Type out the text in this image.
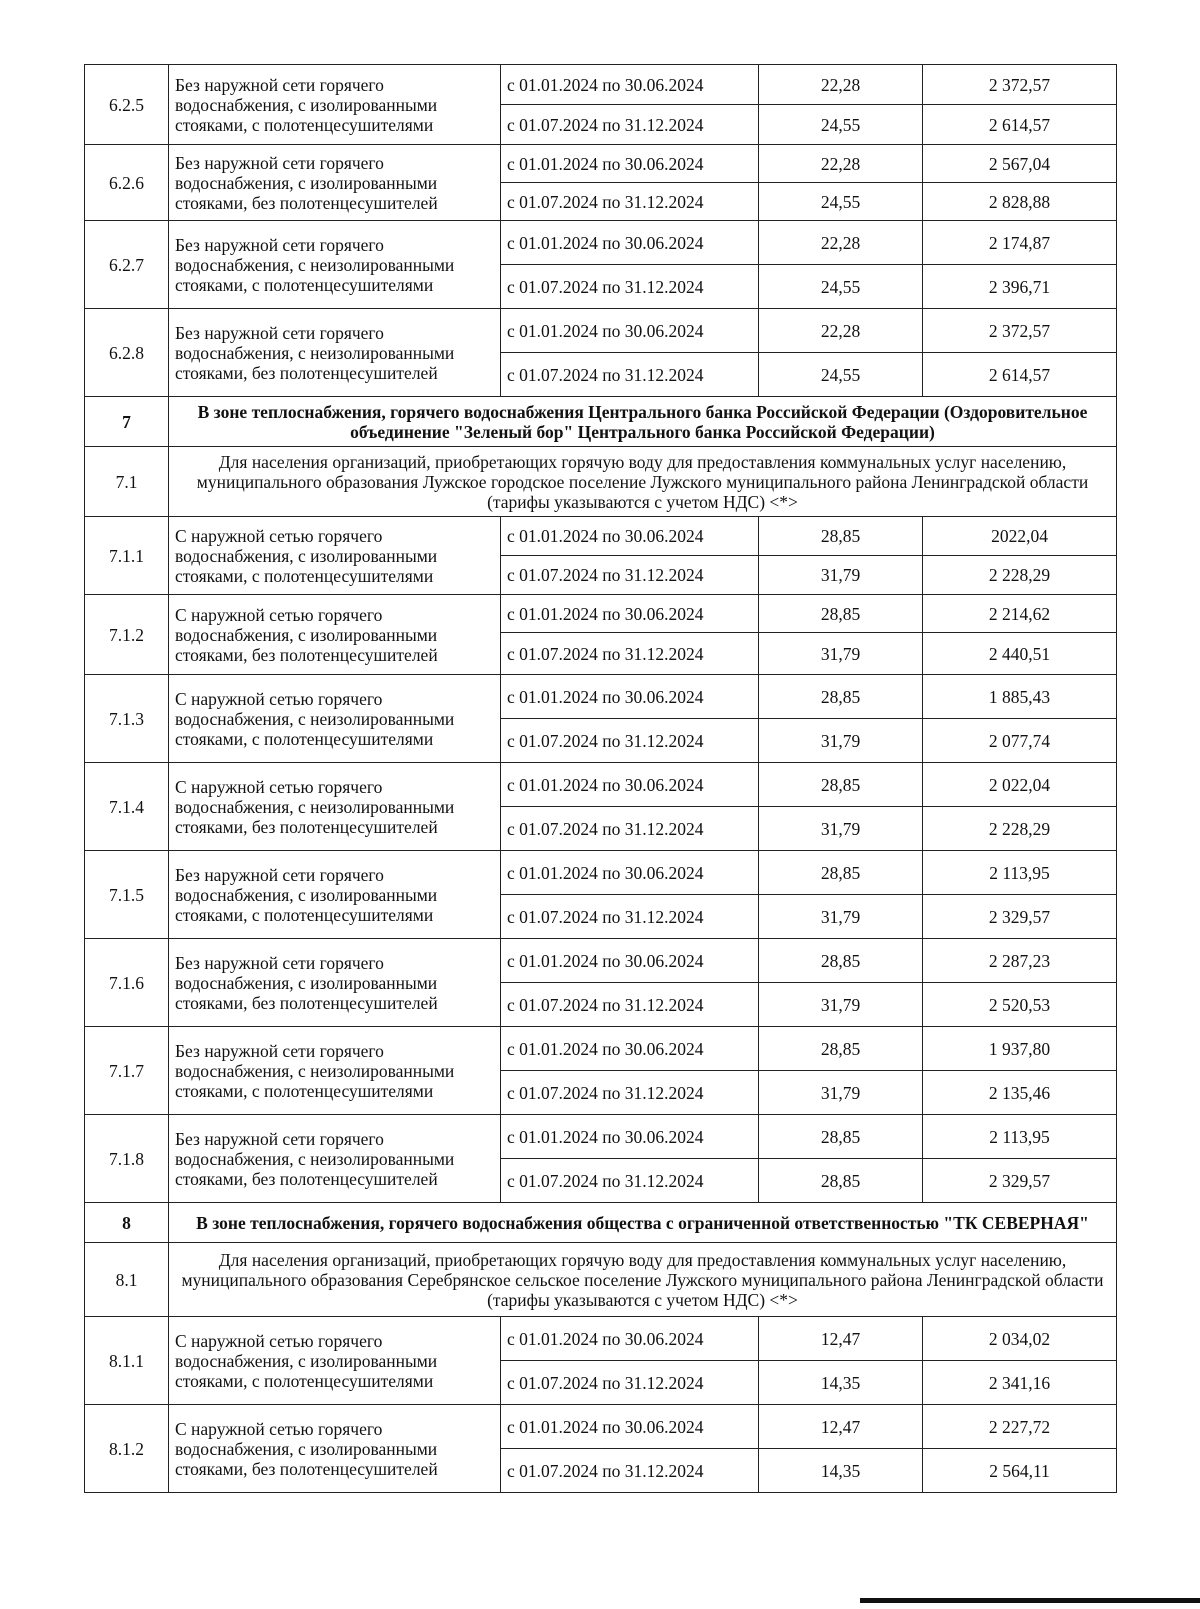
6.2.5	Без наружной сети горячего водоснабжения, с изолированными стояками, с полотенцесушителями	с 01.01.2024 по 30.06.2024	22,28	2 372,57
		с 01.07.2024 по 31.12.2024	24,55	2 614,57
6.2.6	Без наружной сети горячего водоснабжения, с изолированными стояками, без полотенцесушителей	с 01.01.2024 по 30.06.2024	22,28	2 567,04
		с 01.07.2024 по 31.12.2024	24,55	2 828,88
6.2.7	Без наружной сети горячего водоснабжения, с неизолированными стояками, с полотенцесушителями	с 01.01.2024 по 30.06.2024	22,28	2 174,87
		с 01.07.2024 по 31.12.2024	24,55	2 396,71
6.2.8	Без наружной сети горячего водоснабжения, с неизолированными стояками, без полотенцесушителей	с 01.01.2024 по 30.06.2024	22,28	2 372,57
		с 01.07.2024 по 31.12.2024	24,55	2 614,57
7	В зоне теплоснабжения, горячего водоснабжения Центрального банка Российской Федерации (Оздоровительное объединение "Зеленый бор" Центрального банка Российской Федерации)			
7.1	Для населения организаций, приобретающих горячую воду для предоставления коммунальных услуг населению, муниципального образования Лужское городское поселение Лужского муниципального района Ленинградской области (тарифы указываются с учетом НДС) <*>			
7.1.1	С наружной сетью горячего водоснабжения, с изолированными стояками, с полотенцесушителями	с 01.01.2024 по 30.06.2024	28,85	2022,04
		с 01.07.2024 по 31.12.2024	31,79	2 228,29
7.1.2	С наружной сетью горячего водоснабжения, с изолированными стояками, без полотенцесушителей	с 01.01.2024 по 30.06.2024	28,85	2 214,62
		с 01.07.2024 по 31.12.2024	31,79	2 440,51
7.1.3	С наружной сетью горячего водоснабжения, с неизолированными стояками, с полотенцесушителями	с 01.01.2024 по 30.06.2024	28,85	1 885,43
		с 01.07.2024 по 31.12.2024	31,79	2 077,74
7.1.4	С наружной сетью горячего водоснабжения, с неизолированными стояками, без полотенцесушителей	с 01.01.2024 по 30.06.2024	28,85	2 022,04
		с 01.07.2024 по 31.12.2024	31,79	2 228,29
7.1.5	Без наружной сети горячего водоснабжения, с изолированными стояками, с полотенцесушителями	с 01.01.2024 по 30.06.2024	28,85	2 113,95
		с 01.07.2024 по 31.12.2024	31,79	2 329,57
7.1.6	Без наружной сети горячего водоснабжения, с изолированными стояками, без полотенцесушителей	с 01.01.2024 по 30.06.2024	28,85	2 287,23
		с 01.07.2024 по 31.12.2024	31,79	2 520,53
7.1.7	Без наружной сети горячего водоснабжения, с неизолированными стояками, с полотенцесушителями	с 01.01.2024 по 30.06.2024	28,85	1 937,80
		с 01.07.2024 по 31.12.2024	31,79	2 135,46
7.1.8	Без наружной сети горячего водоснабжения, с неизолированными стояками, без полотенцесушителей	с 01.01.2024 по 30.06.2024	28,85	2 113,95
		с 01.07.2024 по 31.12.2024	28,85	2 329,57
8	В зоне теплоснабжения, горячего водоснабжения общества с ограниченной ответственностью "ТК СЕВЕРНАЯ"			
8.1	Для населения организаций, приобретающих горячую воду для предоставления коммунальных услуг населению, муниципального образования Серебрянское сельское поселение Лужского муниципального района Ленинградской области (тарифы указываются с учетом НДС) <*>			
8.1.1	С наружной сетью горячего водоснабжения, с изолированными стояками, с полотенцесушителями	с 01.01.2024 по 30.06.2024	12,47	2 034,02
		с 01.07.2024 по 31.12.2024	14,35	2 341,16
8.1.2	С наружной сетью горячего водоснабжения, с изолированными стояками, без полотенцесушителей	с 01.01.2024 по 30.06.2024	12,47	2 227,72
		с 01.07.2024 по 31.12.2024	14,35	2 564,11
